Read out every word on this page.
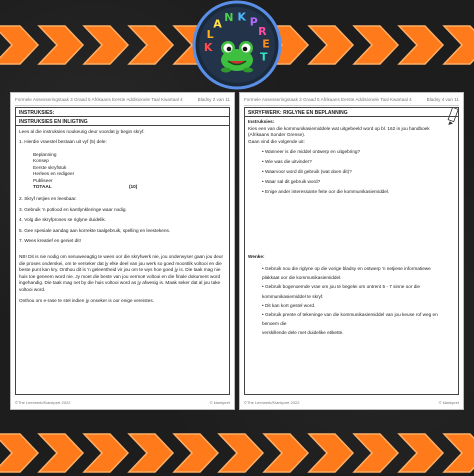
K
L
A N K P
R
E
T
Formele Assesseringstaak 3 Graad 5 Afrikaans Eerste Addisionele Taal Kwartaal 4	Bladsy 2 van 11
INSTRUKSIES:
INSTRUKSIES EN INLIGTING
Lees al die instruksies noukeurig deur voordat jy begin skryf.
1. Hierdie vraestel bestaan uit vyf (5) dele:
Beplanning
Konsep
Eerste skryfstuk
Herlees en redigeer
Publiseer
TOTAAL	(10)
2. Skryf netjies en leesbaar.
3. Gebruik 'n potlood en kantlynkleringe waar nodig.
4. Volg die skryfproses se riglyne duidelik.
5. Gee spesiale aandag aan korrekte taalgebruik, spelling en leestekens.
7. Wees kreatief en geniet dit!
NB! Dit is nie nodig om senuweeagtig te wees oor die skryfwerk nie, jou onderwyser gaan jou deur
die proses onderskei, om te verseker dat jy elke deel van jou werk so goed moontlik voltooi en die
beste punt kan kry. Onthou dit is 'n geleentheid vir jou om te wys hoe goed jy is. Die taak mag nie
huis toe geneem word nie. Jy moet die beste van jou vermoë voltooi en die finale dokument word
ingehandig. Die taak mag net by die huis voltooi word as jy afwesig is. Maak seker dat al jou take
voltooi word.
Onthou om e-rase te stel indien jy onseker is oor enige vereistes.
©The Leerwerk/Klankpret 2022	© klankpret
Formele Assesseringstaak 3 Graad 5 Afrikaans Eerste Addisionele Taal Kwartaal 4	Bladsy 4 van 11
SKRYFWERK: RIGLYNE EN BEPLANNING
Instruksies:
Kies een van die kommunikasiemiddele wat uitgebeeld word op bl. 162 in jou handboek
(Afrikaans Sonder Grense).
Gaan vind die volgende uit:
• Wanneer is die middel ontwerp en uitgebring?
• Wie was die uitvinder?
• Waarvoor word dit gebruik (wat doen dit)?
• Waar sal dit gebruik word?
• Enige ander interessante feite oor die kommunikasiemiddel.
Wenke:
• Gebruik nou die riglyne op die vorige bladsy en ontwerp 'n netjiese informatiewe
plakkaat oor die kommunikasiemiddel.
• Gebruik bogenoemde vrae om jou te begelei om ontrent 5 - 7 sinne oor die
kommunikasiemiddel te skryf.
• Dit kan kort gestel word.
• Gebruik prente of tekeninge van die kommunikasiemiddel van jou keuse rof weg en benoem die
verskillende dele met duidelike etikette.
©The Leerwerk/Klankpret 2022	© klankpret
